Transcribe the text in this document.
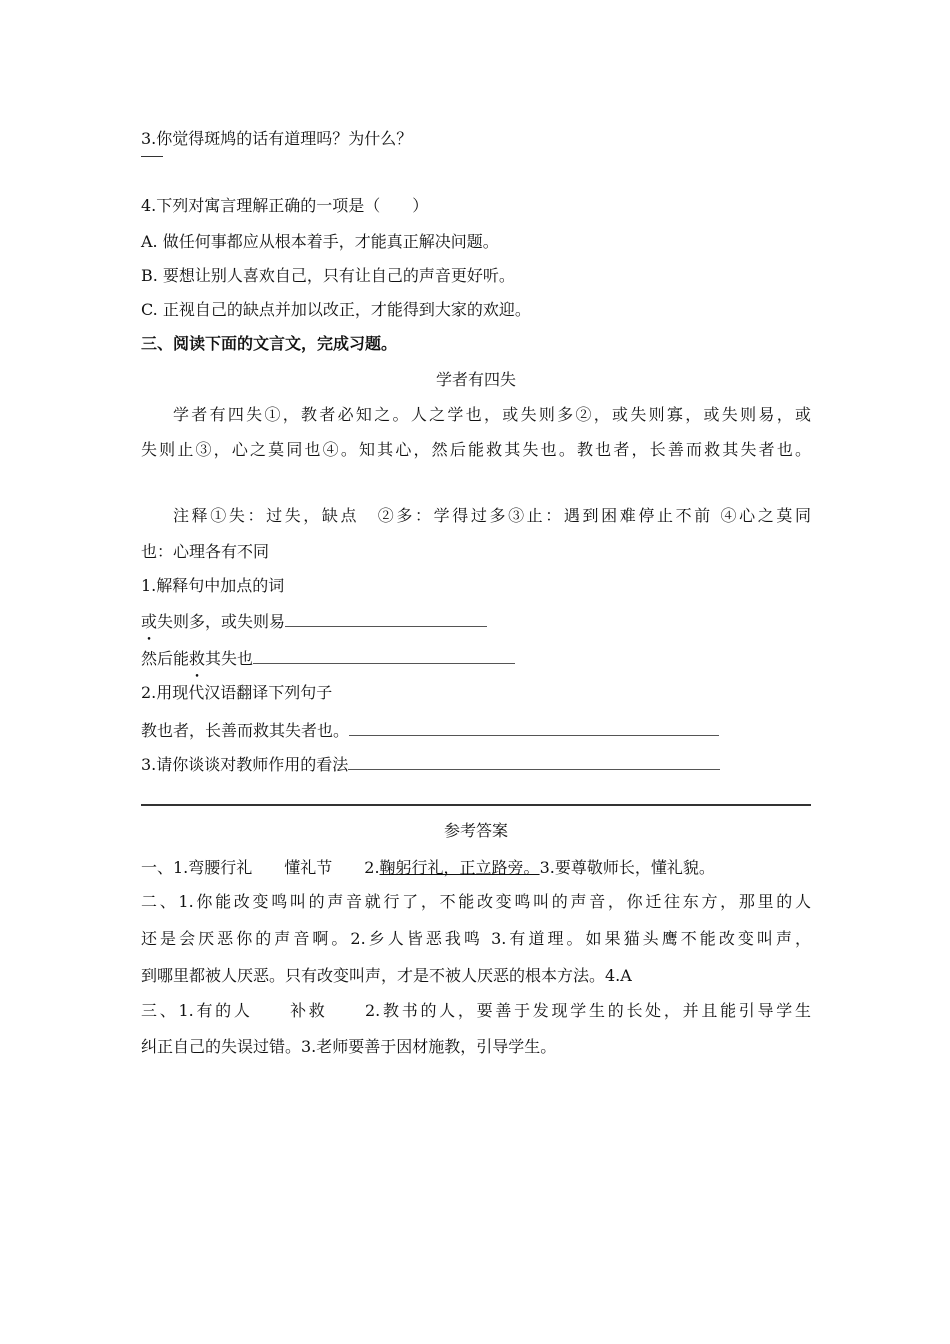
3.你觉得斑鸠的话有道理吗？为什么？
4.下列对寓言理解正确的一项是（　　）
A. 做任何事都应从根本着手，才能真正解决问题。
B. 要想让别人喜欢自己，只有让自己的声音更好听。
C. 正视自己的缺点并加以改正，才能得到大家的欢迎。
三、阅读下面的文言文，完成习题。
学者有四失
学者有四失①，教者必知之。人之学也，或失则多②，或失则寡，或失则易，或
失则止③，心之莫同也④。知其心，然后能救其失也。教也者，长善而救其失者也。
注释①失：过失，缺点　②多：学得过多③止：遇到困难停止不前 ④心之莫同
也：心理各有不同
1.解释句中加点的词
或失则多，或失则易
然后能救其失也
2.用现代汉语翻译下列句子
教也者，长善而救其失者也。
3.请你谈谈对教师作用的看法
参考答案
一、1.弯腰行礼　　懂礼节　　2.鞠躬行礼，正立路旁。3.要尊敬师长，懂礼貌。
二、1.你能改变鸣叫的声音就行了，不能改变鸣叫的声音，你迁往东方，那里的人
还是会厌恶你的声音啊。2.乡人皆恶我鸣 3.有道理。如果猫头鹰不能改变叫声，
到哪里都被人厌恶。只有改变叫声，才是不被人厌恶的根本方法。4.A
三、1.有的人　　补救　　2.教书的人，要善于发现学生的长处，并且能引导学生
纠正自己的失误过错。3.老师要善于因材施教，引导学生。
